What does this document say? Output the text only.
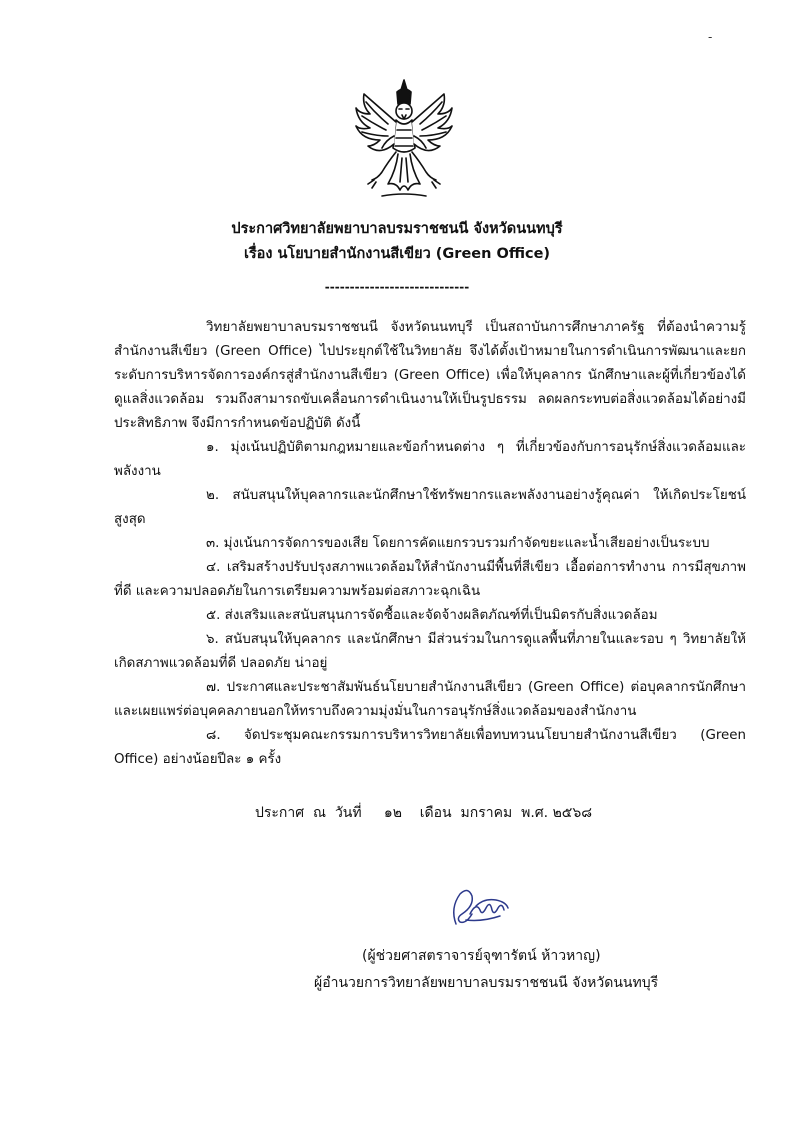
-
ประกาศวิทยาลัยพยาบาลบรมราชชนนี จังหวัดนนทบุรี
เรื่อง นโยบายสำนักงานสีเขียว (Green Office)
-----------------------------

วิทยาลัยพยาบาลบรมราชชนนี จังหวัดนนทบุรี เป็นสถาบันการศึกษาภาครัฐ ที่ต้องนำความรู้สำนักงานสีเขียว (Green Office) ไปประยุกต์ใช้ในวิทยาลัย จึงได้ตั้งเป้าหมายในการดำเนินการพัฒนาและยกระดับการบริหารจัดการองค์กรสู่สำนักงานสีเขียว (Green Office) เพื่อให้บุคลากร นักศึกษาและผู้ที่เกี่ยวข้องได้ดูแลสิ่งแวดล้อม รวมถึงสามารถขับเคลื่อนการดำเนินงานให้เป็นรูปธรรม ลดผลกระทบต่อสิ่งแวดล้อมได้อย่างมีประสิทธิภาพ จึงมีการกำหนดข้อปฏิบัติ ดังนี้

๑. มุ่งเน้นปฏิบัติตามกฎหมายและข้อกำหนดต่าง ๆ ที่เกี่ยวข้องกับการอนุรักษ์สิ่งแวดล้อมและพลังงาน

๒. สนับสนุนให้บุคลากรและนักศึกษาใช้ทรัพยากรและพลังงานอย่างรู้คุณค่า ให้เกิดประโยชน์สูงสุด

๓. มุ่งเน้นการจัดการของเสีย โดยการคัดแยกรวบรวมกำจัดขยะและน้ำเสียอย่างเป็นระบบ

๔. เสริมสร้างปรับปรุงสภาพแวดล้อมให้สำนักงานมีพื้นที่สีเขียว เอื้อต่อการทำงาน การมีสุขภาพที่ดี และความปลอดภัยในการเตรียมความพร้อมต่อสภาวะฉุกเฉิน

๕. ส่งเสริมและสนับสนุนการจัดซื้อและจัดจ้างผลิตภัณฑ์ที่เป็นมิตรกับสิ่งแวดล้อม

๖. สนับสนุนให้บุคลากร และนักศึกษา มีส่วนร่วมในการดูแลพื้นที่ภายในและรอบ ๆ วิทยาลัยให้เกิดสภาพแวดล้อมที่ดี ปลอดภัย น่าอยู่

๗. ประกาศและประชาสัมพันธ์นโยบายสำนักงานสีเขียว (Green Office) ต่อบุคลากรนักศึกษา และเผยแพร่ต่อบุคคลภายนอกให้ทราบถึงความมุ่งมั่นในการอนุรักษ์สิ่งแวดล้อมของสำนักงาน

๘. จัดประชุมคณะกรรมการบริหารวิทยาลัยเพื่อทบทวนนโยบายสำนักงานสีเขียว (Green Office) อย่างน้อยปีละ ๑ ครั้ง

ประกาศ  ณ  วันที่     ๑๒    เดือน  มกราคม  พ.ศ. ๒๕๖๘
(ผู้ช่วยศาสตราจารย์จุฑารัตน์ ห้าวหาญ)
ผู้อำนวยการวิทยาลัยพยาบาลบรมราชชนนี จังหวัดนนทบุรี
